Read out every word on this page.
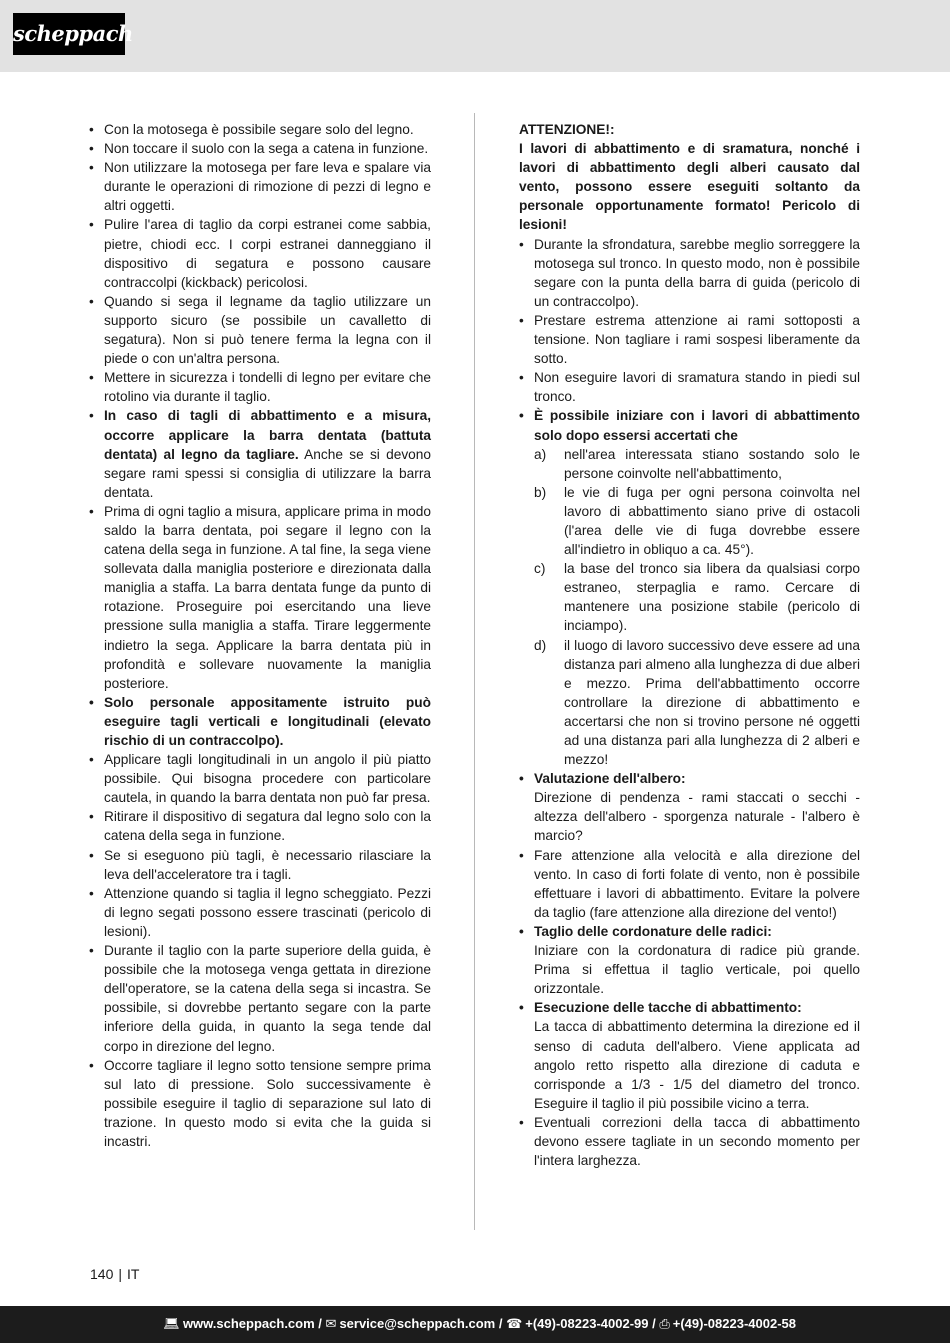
scheppach
• Con la motosega è possibile segare solo del legno.
• Non toccare il suolo con la sega a catena in funzione.
• Non utilizzare la motosega per fare leva e spalare via durante le operazioni di rimozione di pezzi di legno e altri oggetti.
• Pulire l'area di taglio da corpi estranei come sabbia, pietre, chiodi ecc. I corpi estranei danneggiano il dispositivo di segatura e possono causare contraccolpi (kickback) pericolosi.
• Quando si sega il legname da taglio utilizzare un supporto sicuro (se possibile un cavalletto di segatura). Non si può tenere ferma la legna con il piede o con un'altra persona.
• Mettere in sicurezza i tondelli di legno per evitare che rotolino via durante il taglio.
• In caso di tagli di abbattimento e a misura, occorre applicare la barra dentata (battuta dentata) al legno da tagliare. Anche se si devono segare rami spessi si consiglia di utilizzare la barra dentata.
• Prima di ogni taglio a misura, applicare prima in modo saldo la barra dentata, poi segare il legno con la catena della sega in funzione. A tal fine, la sega viene sollevata dalla maniglia posteriore e direzionata dalla maniglia a staffa. La barra dentata funge da punto di rotazione. Proseguire poi esercitando una lieve pressione sulla maniglia a staffa. Tirare leggermente indietro la sega. Applicare la barra dentata più in profondità e sollevare nuovamente la maniglia posteriore.
• Solo personale appositamente istruito può eseguire tagli verticali e longitudinali (elevato rischio di un contraccolpo).
• Applicare tagli longitudinali in un angolo il più piatto possibile. Qui bisogna procedere con particolare cautela, in quando la barra dentata non può far presa.
• Ritirare il dispositivo di segatura dal legno solo con la catena della sega in funzione.
• Se si eseguono più tagli, è necessario rilasciare la leva dell'acceleratore tra i tagli.
• Attenzione quando si taglia il legno scheggiato. Pezzi di legno segati possono essere trascinati (pericolo di lesioni).
• Durante il taglio con la parte superiore della guida, è possibile che la motosega venga gettata in direzione dell'operatore, se la catena della sega si incastra. Se possibile, si dovrebbe pertanto segare con la parte inferiore della guida, in quanto la sega tende dal corpo in direzione del legno.
• Occorre tagliare il legno sotto tensione sempre prima sul lato di pressione. Solo successivamente è possibile eseguire il taglio di separazione sul lato di trazione. In questo modo si evita che la guida si incastri.
ATTENZIONE!:
I lavori di abbattimento e di sramatura, nonché i lavori di abbattimento degli alberi causato dal vento, possono essere eseguiti soltanto da personale opportunamente formato! Pericolo di lesioni!
• Durante la sfrondatura, sarebbe meglio sorreggere la motosega sul tronco. In questo modo, non è possibile segare con la punta della barra di guida (pericolo di un contraccolpo).
• Prestare estrema attenzione ai rami sottoposti a tensione. Non tagliare i rami sospesi liberamente da sotto.
• Non eseguire lavori di sramatura stando in piedi sul tronco.
• È possibile iniziare con i lavori di abbattimento solo dopo essersi accertati che
a)	nell'area interessata stiano sostando solo le persone coinvolte nell'abbattimento,
b)	le vie di fuga per ogni persona coinvolta nel lavoro di abbattimento siano prive di ostacoli (l'area delle vie di fuga dovrebbe essere all'indietro in obliquo a ca. 45°).
c)	la base del tronco sia libera da qualsiasi corpo estraneo, sterpaglia e ramo. Cercare di mantenere una posizione stabile (pericolo di inciampo).
d)	il luogo di lavoro successivo deve essere ad una distanza pari almeno alla lunghezza di due alberi e mezzo. Prima dell'abbattimento occorre controllare la direzione di abbattimento e accertarsi che non si trovino persone né oggetti ad una distanza pari alla lunghezza di 2 alberi e mezzo!
• Valutazione dell'albero:
Direzione di pendenza - rami staccati o secchi - altezza dell'albero - sporgenza naturale - l'albero è marcio?
• Fare attenzione alla velocità e alla direzione del vento. In caso di forti folate di vento, non è possibile effettuare i lavori di abbattimento. Evitare la polvere da taglio (fare attenzione alla direzione del vento!)
• Taglio delle cordonature delle radici:
Iniziare con la cordonatura di radice più grande. Prima si effettua il taglio verticale, poi quello orizzontale.
• Esecuzione delle tacche di abbattimento:
La tacca di abbattimento determina la direzione ed il senso di caduta dell'albero. Viene applicata ad angolo retto rispetto alla direzione di caduta e corrisponde a 1/3 - 1/5 del diametro del tronco. Eseguire il taglio il più possibile vicino a terra.
• Eventuali correzioni della tacca di abbattimento devono essere tagliate in un secondo momento per l'intera larghezza.
140 | IT
💻︎ www.scheppach.com / ✉︎ service@scheppach.com / ☎︎ +(49)-08223-4002-99 / ⎙ +(49)-08223-4002-58
